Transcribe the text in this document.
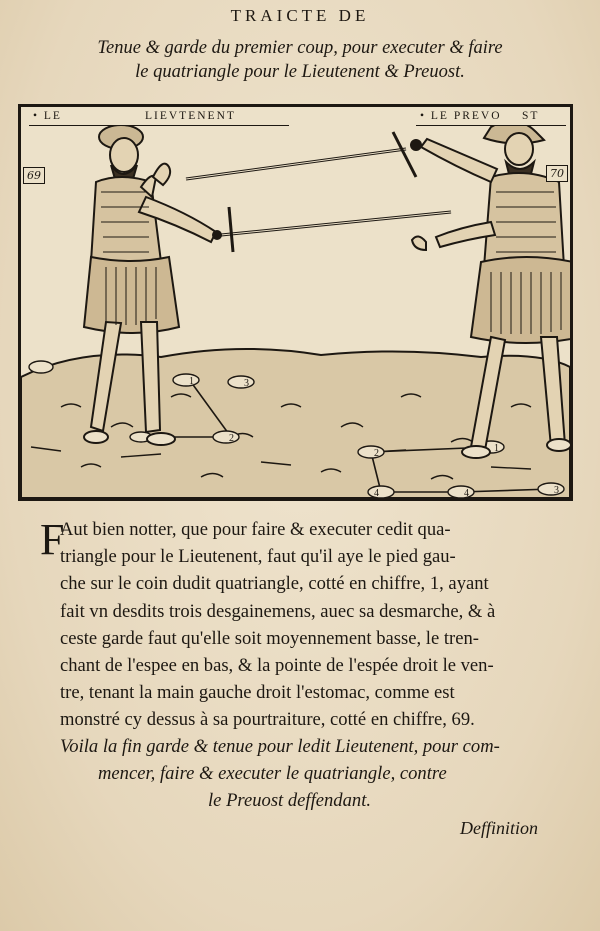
TRAICTE DE
Tenue & garde du premier coup, pour executer & faire
le quatriangle pour le Lieutenent & Preuost.
1
2
3
4
1
2
3
4
• LE	LIEVTENENT	• LE PREVO	ST
69	70
F
Aut bien notter, que pour faire & executer cedit qua-
triangle pour le Lieutenent, faut qu'il aye le pied gau-
che sur le coin dudit quatriangle, cotté en chiffre, 1, ayant
fait vn desdits trois desgainemens, auec sa desmarche, & à
ceste garde faut qu'elle soit moyennement basse, le tren-
chant de l'espee en bas, & la pointe de l'espée droit le ven-
tre, tenant la main gauche droit l'estomac, comme est
monstré cy dessus à sa pourtraiture, cotté en chiffre, 69.
Voila la fin garde & tenue pour ledit Lieutenent, pour com-
mencer, faire & executer le quatriangle, contre
le Preuost deffendant.
Deffinition
